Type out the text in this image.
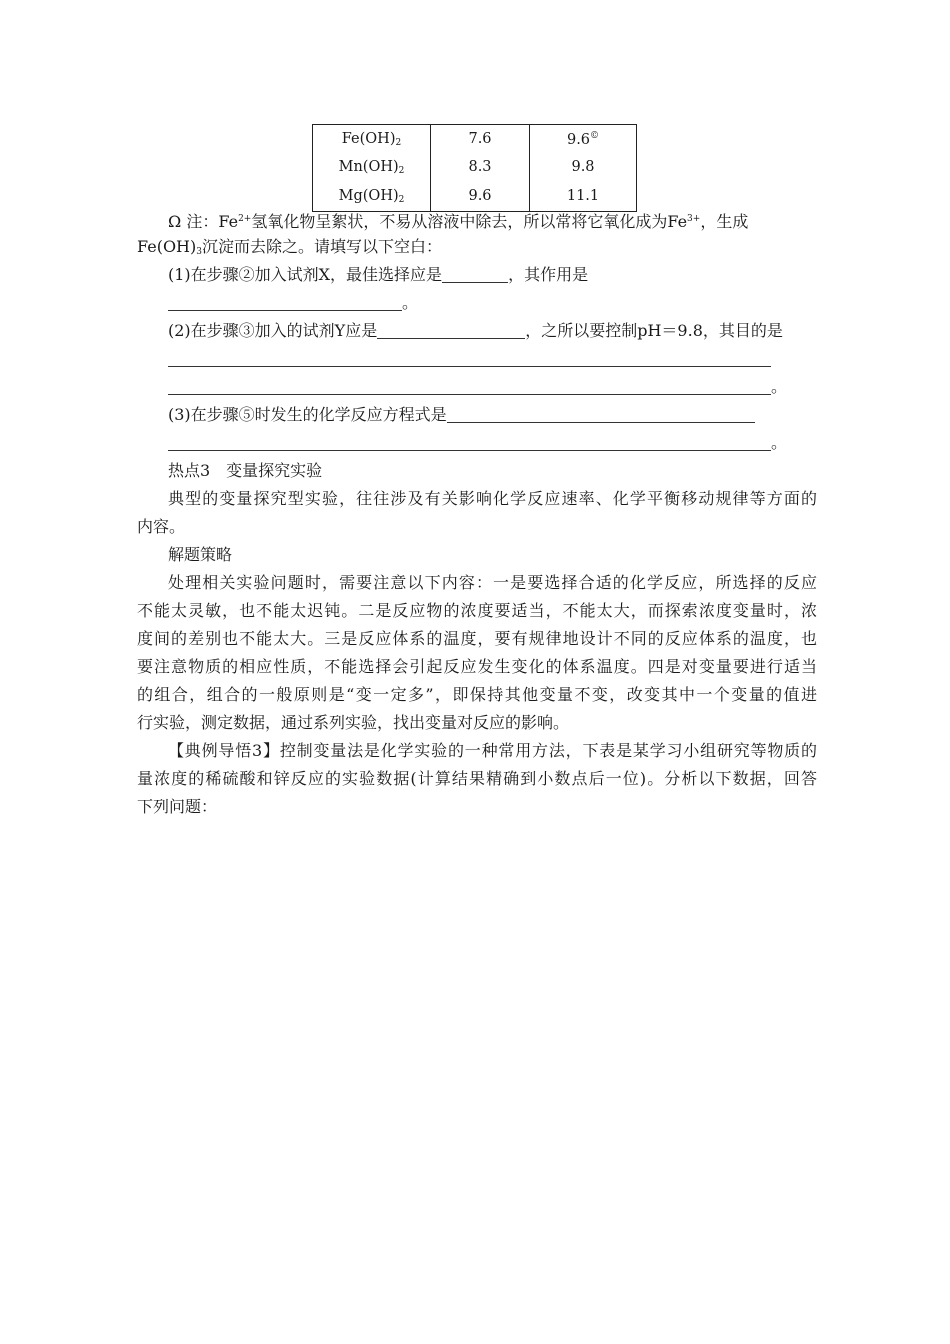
$Fe(OH)_2$	7.6	9.6©
$Mn(OH)_2$	8.3	9.8
$Mg(OH)_2$	9.6	11.1
Ω 注：$Fe^{2+}$氢氧化物呈絮状，不易从溶液中除去，所以常将它氧化成为$Fe^{3+}$，生成
$Fe(OH)_3$沉淀而去除之。请填写以下空白：
(1)在步骤②加入试剂X，最佳选择应是	，其作用是
。
(2)在步骤③加入的试剂Y应是	，之所以要控制pH＝9.8，其目的是
。
(3)在步骤⑤时发生的化学反应方程式是
。
热点3　变量探究实验
典型的变量探究型实验，往往涉及有关影响化学反应速率、化学平衡移动规律等方面的
内容。
解题策略
处理相关实验问题时，需要注意以下内容：一是要选择合适的化学反应，所选择的反应
不能太灵敏，也不能太迟钝。二是反应物的浓度要适当，不能太大，而探索浓度变量时，浓
度间的差别也不能太大。三是反应体系的温度，要有规律地设计不同的反应体系的温度，也
要注意物质的相应性质，不能选择会引起反应发生变化的体系温度。四是对变量要进行适当
的组合，组合的一般原则是“变一定多”，即保持其他变量不变，改变其中一个变量的值进
行实验，测定数据，通过系列实验，找出变量对反应的影响。
【典例导悟3】控制变量法是化学实验的一种常用方法，下表是某学习小组研究等物质的
量浓度的稀硫酸和锌反应的实验数据(计算结果精确到小数点后一位)。分析以下数据，回答
下列问题：
